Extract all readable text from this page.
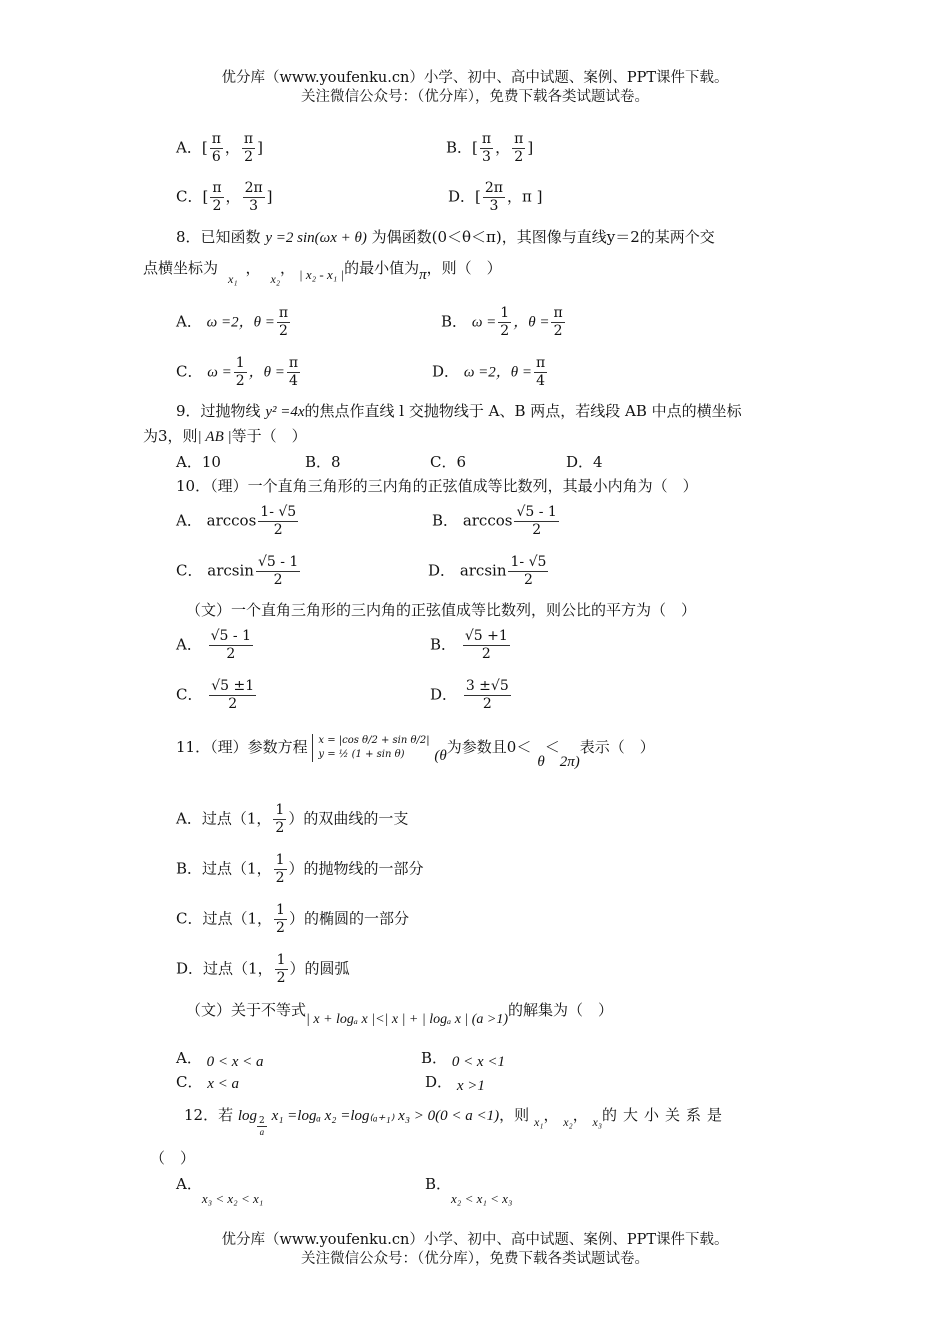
优分库（www.youfenku.cn）小学、初中、高中试题、案例、PPT课件下载。
关注微信公众号：（优分库），免费下载各类试题试卷。
A．[ $\frac{\pi}{6}$ ， $\frac{\pi}{2}$ ]	B．[ $\frac{\pi}{3}$ ， $\frac{\pi}{2}$ ]
C．[ $\frac{\pi}{2}$ ， $\frac{2\pi}{3}$ ]	D．[ $\frac{2\pi}{3}$ ，π ]
8．已知函数 y =2 sin(ωx + θ) 为偶函数(0＜θ＜π)，其图像与直线y＝2的某两个交
点横坐标为$_{x_1}$，$_{x_2}$， | x₂ - x₁ |的最小值为π，则（　）
A． ω =2，$\theta = \frac{\pi}{2}$	B． $\omega = \frac{1}{2}$ ，$\theta = \frac{\pi}{2}$
C． $\omega = \frac{1}{2}$ ，$\theta = \frac{\pi}{4}$	D． ω =2，$\theta = \frac{\pi}{4}$
9．过抛物线 y² =4x的焦点作直线 l 交抛物线于 A、B 两点，若线段 AB 中点的横坐标
为3，则| AB |等于（　）
A．10	B．8	C．6	D．4
10．（理）一个直角三角形的三内角的正弦值成等比数列，其最小内角为（　）
A． $\arccos \frac{1- √5}{2}$	B． $\arccos \frac{√5 - 1}{2}$
C． $\arcsin \frac{√5 - 1}{2}$	D． $\arcsin \frac{1- √5}{2}$
（文）一个直角三角形的三内角的正弦值成等比数列，则公比的平方为（　）
A． $\frac{√5 - 1}{2}$	B． $\frac{√5 +1}{2}$
C． $\frac{√5 \pm 1}{2}$	D． $\frac{3 \pm√5}{2}$
11．（理）参数方程 x = |cos θ/2 + sin θ/2|
y = ½ (1 + sin θ) (θ为参数且0＜θ＜2π)表示（　）
A．过点（1， $\frac{1}{2}$ ）的双曲线的一支
B．过点（1， $\frac{1}{2}$ ）的抛物线的一部分
C．过点（1， $\frac{1}{2}$ ）的椭圆的一部分
D．过点（1， $\frac{1}{2}$ ）的圆弧
（文）关于不等式| x + logₐ x |<| x | + | logₐ x | (a >1)的解集为（　）
A． 0 < x < a	B． 0 < x <1
C． x < a	D． x >1
12．若 $\log \frac{2}{a} x_1 =\log_a$ x₂ =log₍ₐ₊₁₎ x₃ > 0(0 < a <1)，则 $_{x_1}$， $_{x_2}$， $_{x_3}$的大小关系是
（　）
A．x₃ < x₂ < x₁
B．x₂ < x₁ < x₃
优分库（www.youfenku.cn）小学、初中、高中试题、案例、PPT课件下载。
关注微信公众号：（优分库），免费下载各类试题试卷。
